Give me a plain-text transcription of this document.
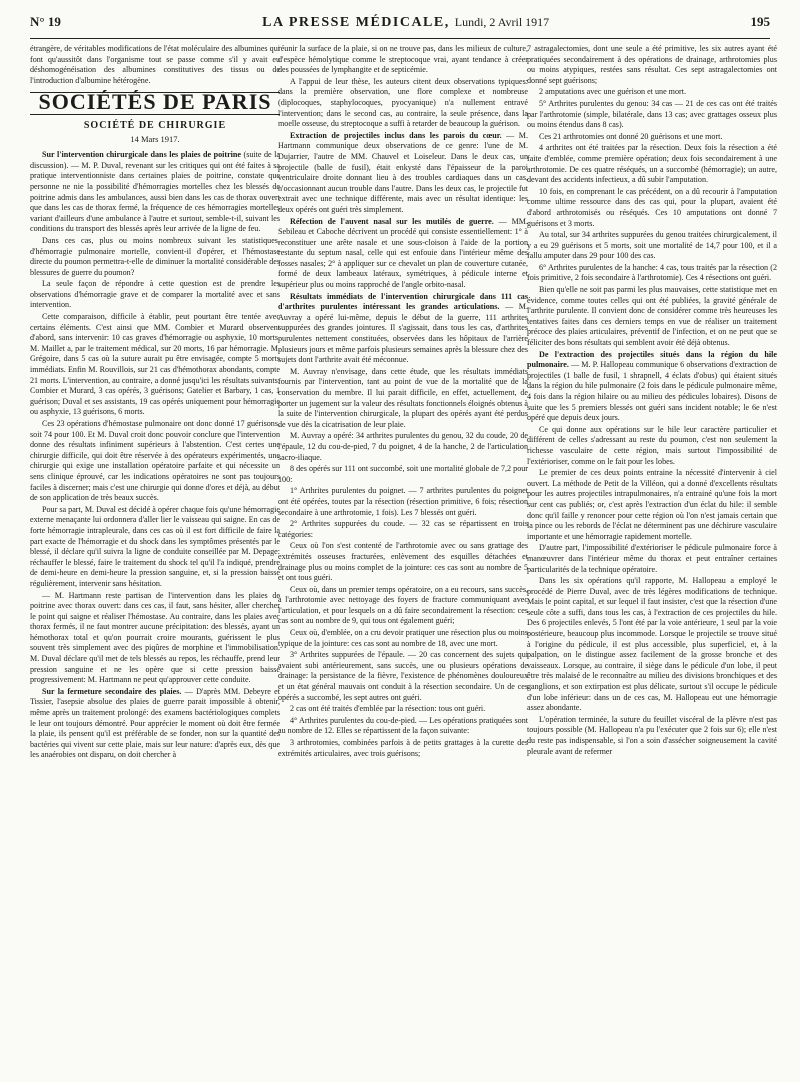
N° 19	LA PRESSE MÉDICALE, Lundi, 2 Avril 1917	195

étrangère, de véritables modifications de l'état moléculaire des albumines qui font qu'aussitôt dans l'organisme tout se passe comme s'il y avait eu déshomogénéisation des albumines constitutives des tissus ou de l'introduction d'albumine hétérogène.

SOCIÉTÉS DE PARIS
SOCIÉTÉ DE CHIRURGIE
14 Mars 1917.

Sur l'intervention chirurgicale dans les plaies de poitrine (suite de la discussion). — M. P. Duval, revenant sur les critiques qui ont été faites à sa pratique interventionniste dans certaines plaies de poitrine, constate que personne ne nie la possibilité d'hémorragies mortelles chez les blessés de poitrine admis dans les ambulances, aussi bien dans les cas de thorax ouvert que dans les cas de thorax fermé, la fréquence de ces hémorragies mortelles variant d'ailleurs d'une ambulance à l'autre et surtout, semble-t-il, suivant les conditions du transport des blessés après leur arrivée de la ligne de feu.

Dans ces cas, plus ou moins nombreux suivant les statistiques, d'hémorragie pulmonaire mortelle, convient-il d'opérer, et l'hémostase directe du poumon permettra-t-elle de diminuer la mortalité considérable des blessures de guerre du poumon?

La seule façon de répondre à cette question est de prendre les observations d'hémorragie grave et de comparer la mortalité avec et sans intervention.

Cette comparaison, difficile à établir, peut pourtant être tentée avec certains éléments. C'est ainsi que MM. Combier et Murard observent d'abord, sans intervenir: 10 cas graves d'hémorragie ou asphyxie, 10 morts. M. Maillet a, par le traitement médical, sur 20 morts, 16 par hémorragie. M. Grégoire, dans 5 cas où la suture aurait pu être envisagée, compte 5 morts immédiats. Enfin M. Rouvillois, sur 21 cas d'hémothorax abondants, compte 21 morts. L'intervention, au contraire, a donné jusqu'ici les résultats suivants: Combier et Murard, 3 cas opérés, 3 guérisons; Gatelier et Barbary, 1 cas, 1 guérison; Duval et ses assistants, 19 cas opérés uniquement pour hémorragie ou asphyxie, 13 guérisons, 6 morts.

Ces 23 opérations d'hémostase pulmonaire ont donc donné 17 guérisons, soit 74 pour 100. Et M. Duval croit donc pouvoir conclure que l'intervention donne des résultats infiniment supérieurs à l'abstention. C'est certes une chirurgie difficile, qui doit être réservée à des opérateurs expérimentés, une chirurgie qui exige une installation opératoire parfaite et qui nécessite un sens clinique éprouvé, car les indications opératoires ne sont pas toujours faciles à discerner; mais c'est une chirurgie qui donne d'ores et déjà, au début de son application de très beaux succès.

Pour sa part, M. Duval est décidé à opérer chaque fois qu'une hémorragie externe menaçante lui ordonnera d'aller lier le vaisseau qui saigne. En cas de forte hémorragie intrapleurale, dans ces cas où il est fort difficile de faire la part exacte de l'hémorragie et du shock dans les symptômes présentés par le blessé, il déclare qu'il suivra la ligne de conduite conseillée par M. Depage: réchauffer le blessé, faire le traitement du shock tel qu'il l'a indiqué, prendre de demi-heure en demi-heure la pression sanguine, et, si la pression baisse régulièrement, intervenir sans hésitation.

— M. Hartmann reste partisan de l'intervention dans les plaies de poitrine avec thorax ouvert: dans ces cas, il faut, sans hésiter, aller chercher le point qui saigne et réaliser l'hémostase. Au contraire, dans les plaies avec thorax fermés, il ne faut montrer aucune précipitation: des blessés, ayant un hémothorax total et qu'on pourrait croire mourants, guérissent le plus souvent très simplement avec des piqûres de morphine et l'immobilisation. M. Duval déclare qu'il met de tels blessés au repos, les réchauffe, prend leur pression sanguine et ne les opère que si cette pression baisse progressivement: M. Hartmann ne peut qu'approuver cette conduite.

Sur la fermeture secondaire des plaies. — D'après MM. Debeyre et Tissier, l'asepsie absolue des plaies de guerre parait impossible à obtenir, même après un traitement prolongé: des examens bactériologiques complets le leur ont toujours démontré. Pour apprécier le moment où doit être fermée la plaie, ils pensent qu'il est préférable de se fonder, non sur la quantité des bactéries qui vivent sur cette plaie, mais sur leur nature: d'après eux, dès que les anaérobies ont disparu, on doit chercher à

réunir la surface de la plaie, si on ne trouve pas, dans les milieux de culture, d'espèce hémolytique comme le streptocoque vrai, ayant tendance à créer des poussées de lymphangite et de septicémie.

A l'appui de leur thèse, les auteurs citent deux observations typiques: dans la première observation, une flore complexe et nombreuse (diplocoques, staphylocoques, pyocyanique) n'a nullement entravé l'intervention; dans le second cas, au contraire, la seule présence, dans la moelle osseuse, du streptocoque a suffi à retarder de beaucoup la guérison.

Extraction de projectiles inclus dans les parois du cœur. — M. Hartmann communique deux observations de ce genre: l'une de M. Dujarrier, l'autre de MM. Chauvel et Loiseleur. Dans le deux cas, un projectile (balle de fusil), était enkysté dans l'épaisseur de la paroi ventriculaire droite donnant lieu à des troubles cardiaques dans un cas, n'occasionnant aucun trouble dans l'autre. Dans les deux cas, le projectile fut extrait avec une technique différente, mais avec un résultat identique: les deux opérés ont guéri très simplement.

Réfection de l'auvent nasal sur les mutilés de guerre. — MM. Sebileau et Caboche décrivent un procédé qui consiste essentiellement: 1° à reconstituer une arête nasale et une sous-cloison à l'aide de la portion restante du septum nasal, celle qui est enfouie dans l'intérieur même des fosses nasales; 2° à appliquer sur ce chevalet un plan de couverture cutanée, formé de deux lambeaux latéraux, symétriques, à pédicule interne et supérieur plus ou moins rapproché de l'angle orbito-nasal.

Résultats immédiats de l'intervention chirurgicale dans 111 cas d'arthrites purulentes intéressant les grandes articulations. — M. Auvray a opéré lui-même, depuis le début de la guerre, 111 arthrites suppurées des grandes jointures. Il s'agissait, dans tous les cas, d'arthrites purulentes nettement constituées, observées dans les hôpitaux de l'arrière plusieurs jours et même parfois plusieurs semaines après la blessure chez des sujets dont l'arthrite avait été méconnue.

M. Auvray n'envisage, dans cette étude, que les résultats immédiats fournis par l'intervention, tant au point de vue de la mortalité que de la conservation du membre. Il lui parait difficile, en effet, actuellement, de porter un jugement sur la valeur des résultats fonctionnels éloignés obtenus à la suite de l'intervention chirurgicale, la plupart des opérés ayant été perdus de vue dès la cicatrisation de leur plaie.

M. Auvray a opéré: 34 arthrites purulentes du genou, 32 du coude, 20 de l'épaule, 12 du cou-de-pied, 7 du poignet, 4 de la hanche, 2 de l'articulation sacro-iliaque.

8 des opérés sur 111 ont succombé, soit une mortalité globale de 7,2 pour 100:

1° Arthrites purulentes du poignet. — 7 arthrites purulentes du poignet ont été opérées, toutes par la résection (résection primitive, 6 fois; résection secondaire à une arthrotomie, 1 fois). Les 7 blessés ont guéri.

2° Arthrites suppurées du coude. — 32 cas se répartissent en trois catégories:

Ceux où l'on s'est contenté de l'arthrotomie avec ou sans grattage des extrémités osseuses fracturées, enlèvement des esquilles détachées et drainage plus ou moins complet de la jointure: ces cas sont au nombre de 5 et ont tous guéri.

Ceux où, dans un premier temps opératoire, on a eu recours, sans succès, à l'arthrotomie avec nettoyage des foyers de fracture communiquant avec l'articulation, et pour lesquels on a dû faire secondairement la résection: ces cas sont au nombre de 9, qui tous ont également guéri;

Ceux où, d'emblée, on a cru devoir pratiquer une résection plus ou moins typique de la jointure: ces cas sont au nombre de 18, avec une mort.

3° Arthrites suppurées de l'épaule. — 20 cas concernent des sujets qui avaient subi antérieurement, sans succès, une ou plusieurs opérations de drainage: la persistance de la fièvre, l'existence de phénomènes douloureux et un état général mauvais ont conduit à la résection secondaire. Un de ces opérés a succombé, les sept autres ont guéri.

2 cas ont été traités d'emblée par la résection: tous ont guéri.

4° Arthrites purulentes du cou-de-pied. — Les opérations pratiquées sont au nombre de 12. Elles se répartissent de la façon suivante:

3 arthrotomies, combinées parfois à de petits grattages à la curette des extrémités articulaires, avec trois guérisons;

7 astragalectomies, dont une seule a été primitive, les six autres ayant été pratiquées secondairement à des opérations de drainage, arthrotomies plus ou moins atypiques, restées sans résultat. Ces sept astragalectomies ont donné sept guérisons;

2 amputations avec une guérison et une mort.

5° Arthrites purulentes du genou: 34 cas — 21 de ces cas ont été traités par l'arthrotomie (simple, bilatérale, dans 13 cas; avec grattages osseux plus ou moins étendus dans 8 cas).

Ces 21 arthrotomies ont donné 20 guérisons et une mort.

4 arthrites ont été traitées par la résection. Deux fois la résection a été faite d'emblée, comme première opération; deux fois secondairement à une arthrotomie. De ces quatre réséqués, un a succombé (hémorragie); un autre, devant des accidents infectieux, a dû subir l'amputation.

10 fois, en comprenant le cas précédent, on a dû recourir à l'amputation comme ultime ressource dans des cas qui, pour la plupart, avaient été d'abord arthrotomisés ou réséqués. Ces 10 amputations ont donné 7 guérisons et 3 morts.

Au total, sur 34 arthrites suppurées du genou traitées chirurgicalement, il y a eu 29 guérisons et 5 morts, soit une mortalité de 14,7 pour 100, et il a fallu amputer dans 29 pour 100 des cas.

6° Arthrites purulentes de la hanche: 4 cas, tous traités par la résection (2 fois primitive, 2 fois secondaire à l'arthrotomie). Ces 4 résections ont guéri.

Bien qu'elle ne soit pas parmi les plus mauvaises, cette statistique met en évidence, comme toutes celles qui ont été publiées, la gravité générale de l'arthrite purulente. Il convient donc de considérer comme très heureuses les tentatives faites dans ces derniers temps en vue de réaliser un traitement précoce des plaies articulaires, préventif de l'infection, et on ne peut que se féliciter des bons résultats qui semblent avoir été déjà obtenus.

De l'extraction des projectiles situés dans la région du hile pulmonaire. — M. P. Hallopeau communique 6 observations d'extraction de projectiles (1 balle de fusil, 1 shrapnell, 4 éclats d'obus) qui étaient situés dans la région du hile pulmonaire (2 fois dans le pédicule pulmonaire même, 4 fois dans la région hilaire ou au milieu des pédicules lobaires). Disons de suite que les 5 premiers blessés ont guéri sans incident notable; le 6e n'est opéré que depuis deux jours.

Ce qui donne aux opérations sur le hile leur caractère particulier et différent de celles s'adressant au reste du poumon, c'est non seulement la richesse vasculaire de cette région, mais surtout l'impossibilité de l'extérioriser, comme on le fait pour les lobes.

Le premier de ces deux points entraine la nécessité d'intervenir à ciel ouvert. La méthode de Petit de la Villéon, qui a donné d'excellents résultats pour les autres projectiles intrapulmonaires, n'a entrainé qu'une fois la mort sur cent cas publiés; or, c'est après l'extraction d'un éclat du hile: il semble donc qu'il faille y renoncer pour cette région où l'on n'est jamais certain que la pince ou les rebords de l'éclat ne déterminent pas une déchirure vasculaire importante et une hémorragie rapidement mortelle.

D'autre part, l'impossibilité d'extérioriser le pédicule pulmonaire force à manœuvrer dans l'intérieur même du thorax et peut entraîner certaines particularités de la technique opératoire.

Dans les six opérations qu'il rapporte, M. Hallopeau a employé le procédé de Pierre Duval, avec de très légères modifications de technique. Mais le point capital, et sur lequel il faut insister, c'est que la résection d'une seule côte a suffi, dans tous les cas, à l'extraction de ces projectiles du hile. Des 6 projectiles enlevés, 5 l'ont été par la voie antérieure, 1 seul par la voie postérieure, beaucoup plus incommode. Lorsque le projectile se trouve situé à l'origine du pédicule, il est plus accessible, plus superficiel, et, à la palpation, on le distingue assez facilement de la grosse bronche et des vaisseaux. Lorsque, au contraire, il siège dans le pédicule d'un lobe, il peut être très malaisé de le reconnaître au milieu des divisions bronchiques et des ganglions, et son extirpation est plus délicate, surtout s'il occupe le pédicule d'un lobe inférieur: dans un de ces cas, M. Hallopeau eut une hémorragie assez abondante.

L'opération terminée, la suture du feuillet viscéral de la plèvre n'est pas toujours possible (M. Hallopeau n'a pu l'exécuter que 2 fois sur 6); elle n'est du reste pas indispensable, si l'on a soin d'assécher soigneusement la cavité pleurale avant de refermer
